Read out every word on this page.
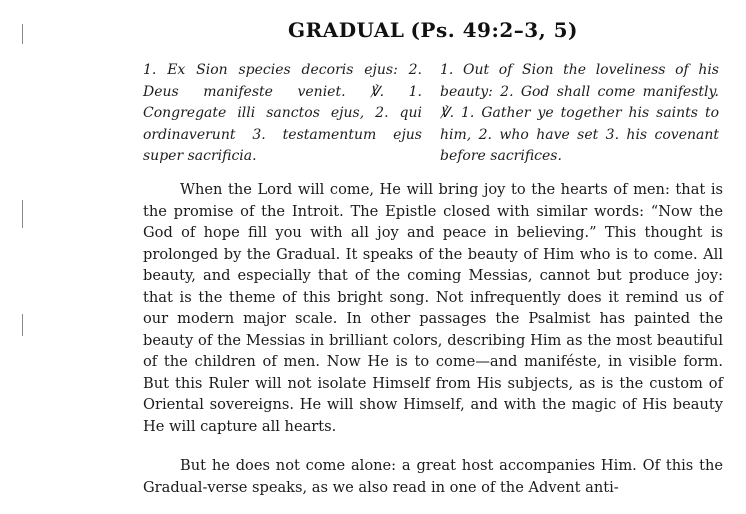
GRADUAL (Ps. 49:2–3, 5)
1. Ex Sion species decoris ejus: 2. Deus manifeste veniet. ℣. 1. Congregate illi sanctos ejus, 2. qui ordinaverunt 3. testamentum ejus super sacrificia.
1. Out of Sion the loveliness of his beauty: 2. God shall come manifestly. ℣. 1. Gather ye together his saints to him, 2. who have set 3. his covenant before sacrifices.

When the Lord will come, He will bring joy to the hearts of men: that is the promise of the Introit. The Epistle closed with similar words: “Now the God of hope fill you with all joy and peace in believing.” This thought is prolonged by the Gradual. It speaks of the beauty of Him who is to come. All beauty, and especially that of the coming Messias, cannot but produce joy: that is the theme of this bright song. Not infrequently does it remind us of our modern major scale. In other passages the Psalmist has painted the beauty of the Messias in brilliant colors, describing Him as the most beautiful of the children of men. Now He is to come—and maniféste, in visible form. But this Ruler will not isolate Himself from His subjects, as is the custom of Oriental sovereigns. He will show Himself, and with the magic of His beauty He will capture all hearts.

But he does not come alone: a great host accompanies Him. Of this the Gradual-verse speaks, as we also read in one of the Advent anti-
